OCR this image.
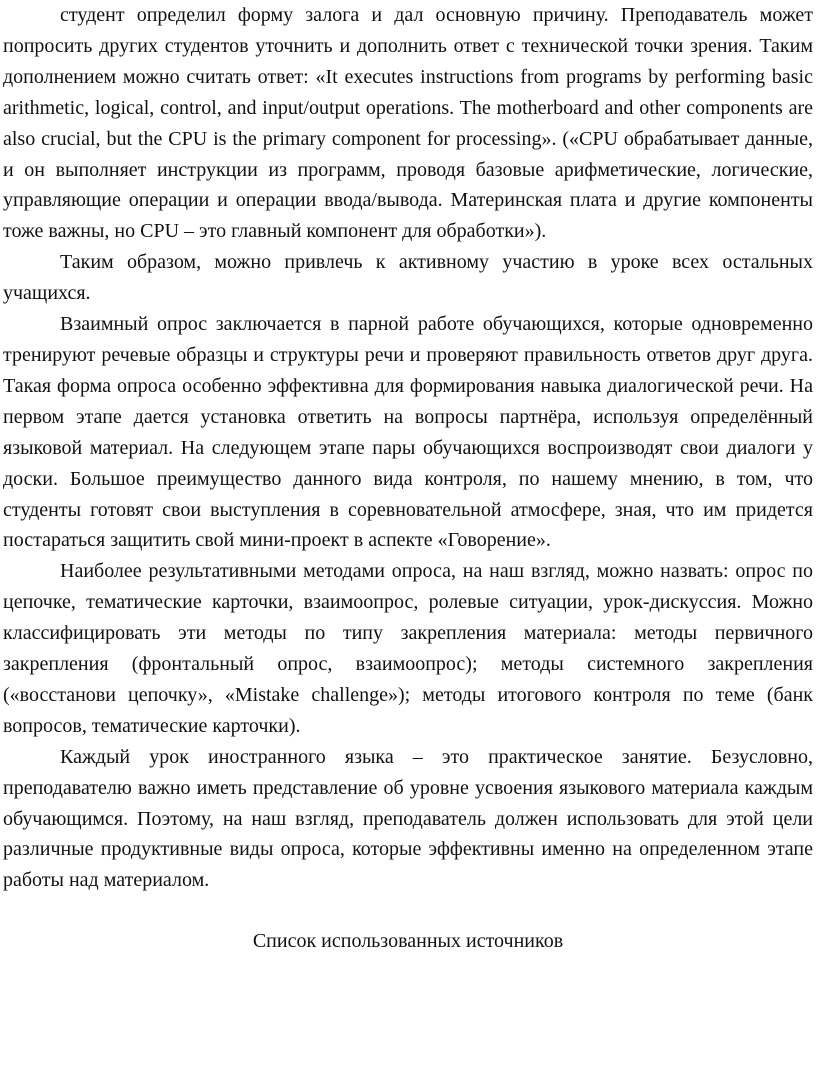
студент определил форму залога и дал основную причину. Преподаватель может попросить других студентов уточнить и дополнить ответ с технической точки зрения. Таким дополнением можно считать ответ: «It executes instructions from programs by performing basic arithmetic, logical, control, and input/output operations. The motherboard and other components are also crucial, but the CPU is the primary component for processing». («CPU обрабатывает данные, и он выполняет инструкции из программ, проводя базовые арифметические, логические, управляющие операции и операции ввода/вывода. Материнская плата и другие компоненты тоже важны, но CPU – это главный компонент для обработки»).

Таким образом, можно привлечь к активному участию в уроке всех остальных учащихся.

Взаимный опрос заключается в парной работе обучающихся, которые одновременно тренируют речевые образцы и структуры речи и проверяют правильность ответов друг друга. Такая форма опроса особенно эффективна для формирования навыка диалогической речи. На первом этапе дается установка ответить на вопросы партнёра, используя определённый языковой материал. На следующем этапе пары обучающихся воспроизводят свои диалоги у доски. Большое преимущество данного вида контроля, по нашему мнению, в том, что студенты готовят свои выступления в соревновательной атмосфере, зная, что им придется постараться защитить свой мини-проект в аспекте «Говорение».

Наиболее результативными методами опроса, на наш взгляд, можно назвать: опрос по цепочке, тематические карточки, взаимоопрос, ролевые ситуации, урок-дискуссия. Можно классифицировать эти методы по типу закрепления материала: методы первичного закрепления (фронтальный опрос, взаимоопрос); методы системного закрепления («восстанови цепочку», «Mistake challenge»); методы итогового контроля по теме (банк вопросов, тематические карточки).

Каждый урок иностранного языка – это практическое занятие. Безусловно, преподавателю важно иметь представление об уровне усвоения языкового материала каждым обучающимся. Поэтому, на наш взгляд, преподаватель должен использовать для этой цели различные продуктивные виды опроса, которые эффективны именно на определенном этапе работы над материалом.

Список использованных источников
